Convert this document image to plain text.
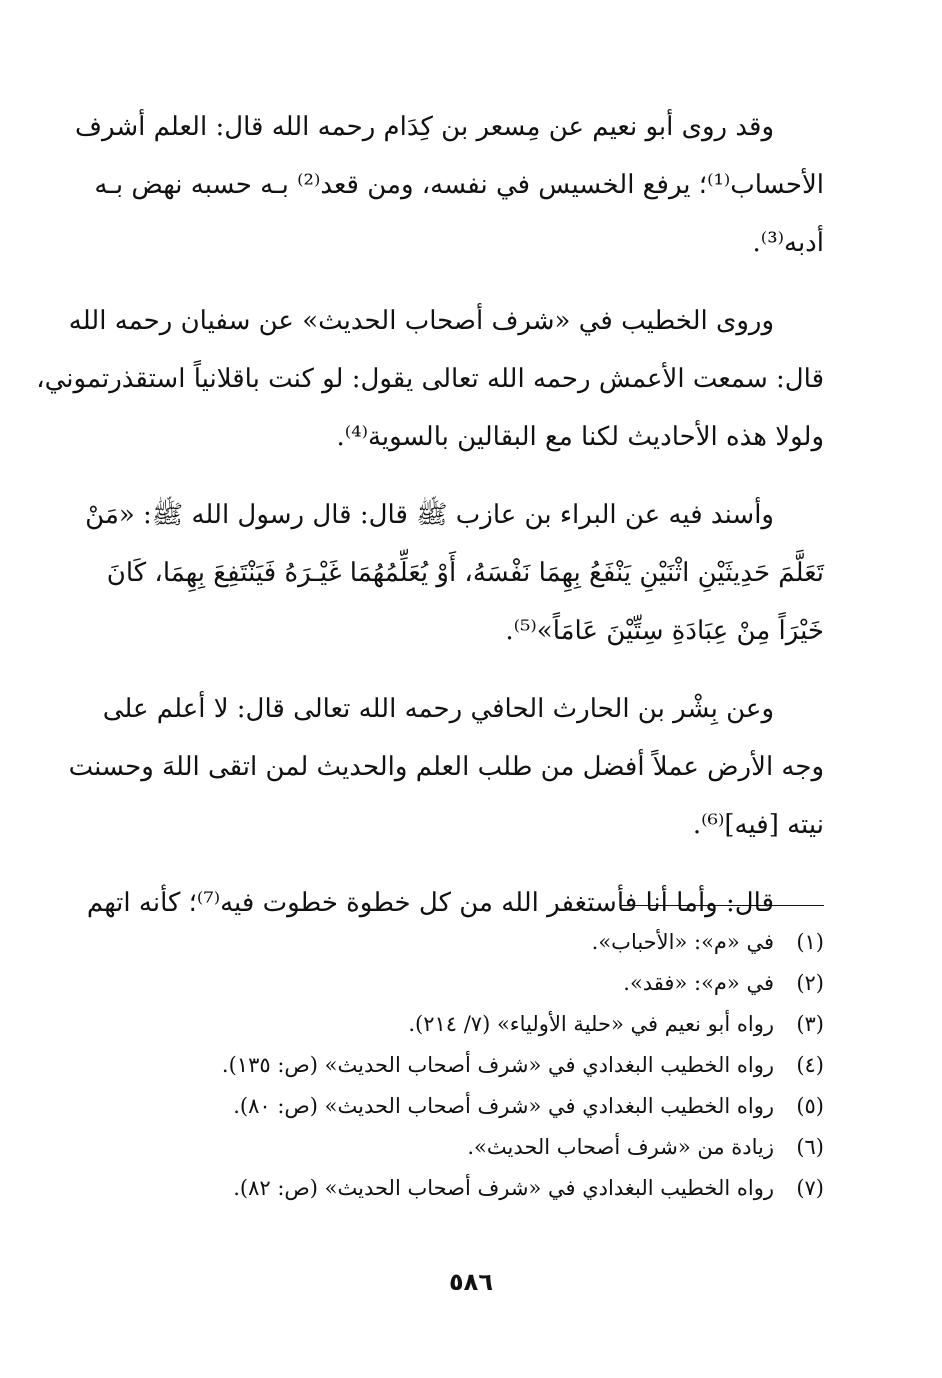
وقد روى أبو نعيم عن مِسعر بن كِدَام رحمه الله قال: العلم أشرف
الأحساب⁽¹⁾؛ يرفع الخسيس في نفسه، ومن قعد⁽²⁾ بـه حسبه نهض بـه
أدبه⁽³⁾.

وروى الخطيب في «شرف أصحاب الحديث» عن سفيان رحمه الله
قال: سمعت الأعمش رحمه الله تعالى يقول: لو كنت باقلانياً استقذرتموني،
ولولا هذه الأحاديث لكنا مع البقالين بالسوية⁽⁴⁾.

وأسند فيه عن البراء بن عازب ﷺ قال: قال رسول الله ﷺ: «مَنْ
تَعَلَّمَ حَدِيثَيْنِ اثْنَيْنِ يَنْفَعُ بِهِمَا نَفْسَهُ، أَوْ يُعَلِّمُهُمَا غَيْـرَهُ فَيَنْتَفِعَ بِهِمَا، كَانَ
خَيْرَاً مِنْ عِبَادَةِ سِتِّيْنَ عَامَاً»⁽⁵⁾.

وعن بِشْر بن الحارث الحافي رحمه الله تعالى قال: لا أعلم على
وجه الأرض عملاً أفضل من طلب العلم والحديث لمن اتقى اللهَ وحسنت
نيته [فيه]⁽⁶⁾.

قال: وأما أنا فأستغفر الله من كل خطوة خطوت فيه⁽⁷⁾؛ كأنه اتهم

(١)
في «م»: «الأحباب».
(٢)
في «م»: «فقد».
(٣)
رواه أبو نعيم في «حلية الأولياء» (٧/ ٢١٤).
(٤)
رواه الخطيب البغدادي في «شرف أصحاب الحديث» (ص: ١٣٥).
(٥)
رواه الخطيب البغدادي في «شرف أصحاب الحديث» (ص: ٨٠).
(٦)
زيادة من «شرف أصحاب الحديث».
(٧)
رواه الخطيب البغدادي في «شرف أصحاب الحديث» (ص: ٨٢).
٥٨٦
